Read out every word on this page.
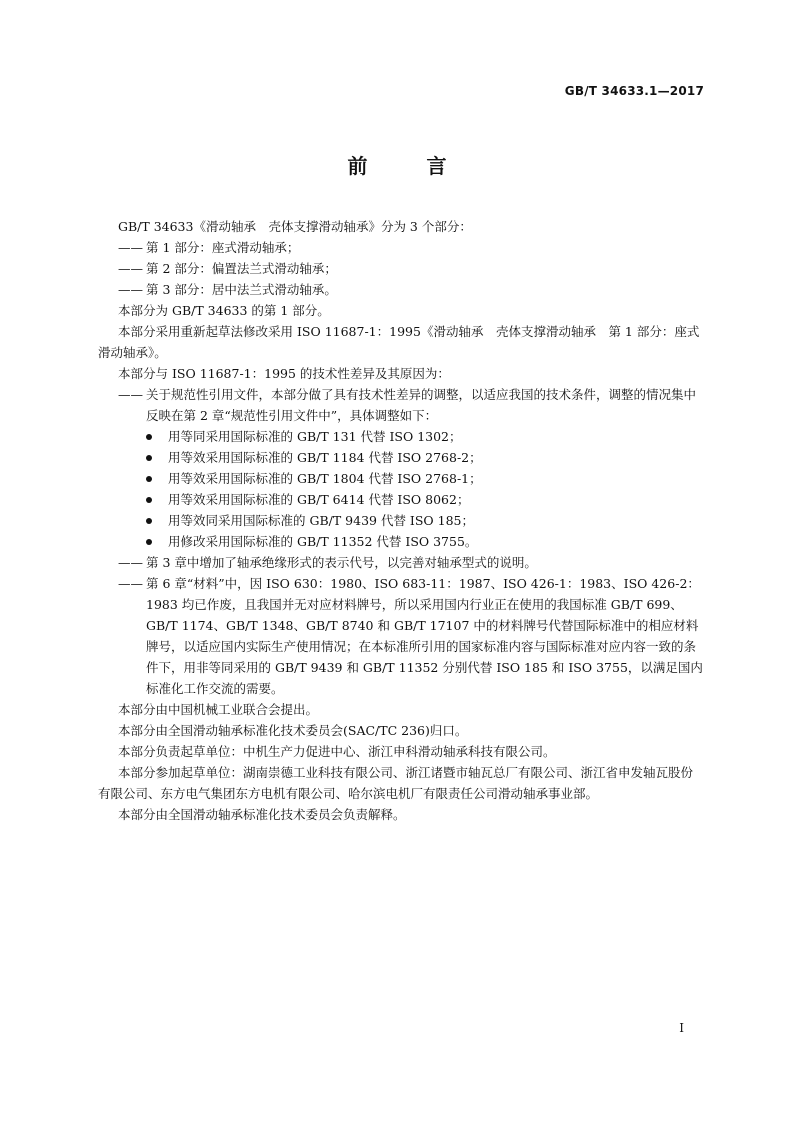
GB/T 34633.1—2017
前 言

GB/T 34633《滑动轴承　壳体支撑滑动轴承》分为 3 个部分：

—— 第 1 部分：座式滑动轴承；

—— 第 2 部分：偏置法兰式滑动轴承；

—— 第 3 部分：居中法兰式滑动轴承。

本部分为 GB/T 34633 的第 1 部分。

本部分采用重新起草法修改采用 ISO 11687-1：1995《滑动轴承　壳体支撑滑动轴承　第 1 部分：座式滑动轴承》。

本部分与 ISO 11687-1：1995 的技术性差异及其原因为：

—— 关于规范性引用文件，本部分做了具有技术性差异的调整，以适应我国的技术条件，调整的情况集中反映在第 2 章“规范性引用文件中”，具体调整如下：

用等同采用国际标准的 GB/T 131 代替 ISO 1302；

用等效采用国际标准的 GB/T 1184 代替 ISO 2768-2；

用等效采用国际标准的 GB/T 1804 代替 ISO 2768-1；

用等效采用国际标准的 GB/T 6414 代替 ISO 8062；

用等效同采用国际标准的 GB/T 9439 代替 ISO 185；

用修改采用国际标准的 GB/T 11352 代替 ISO 3755。

—— 第 3 章中增加了轴承绝缘形式的表示代号，以完善对轴承型式的说明。

—— 第 6 章“材料”中，因 ISO 630：1980、ISO 683-11：1987、ISO 426-1：1983、ISO 426-2：1983 均已作废，且我国并无对应材料牌号，所以采用国内行业正在使用的我国标准 GB/T 699、GB/T 1174、GB/T 1348、GB/T 8740 和 GB/T 17107 中的材料牌号代替国际标准中的相应材料牌号，以适应国内实际生产使用情况；在本标准所引用的国家标准内容与国际标准对应内容一致的条件下，用非等同采用的 GB/T 9439 和 GB/T 11352 分别代替 ISO 185 和 ISO 3755，以满足国内标准化工作交流的需要。

本部分由中国机械工业联合会提出。

本部分由全国滑动轴承标准化技术委员会(SAC/TC 236)归口。

本部分负责起草单位：中机生产力促进中心、浙江申科滑动轴承科技有限公司。

本部分参加起草单位：湖南崇德工业科技有限公司、浙江诸暨市轴瓦总厂有限公司、浙江省申发轴瓦股份有限公司、东方电气集团东方电机有限公司、哈尔滨电机厂有限责任公司滑动轴承事业部。

本部分由全国滑动轴承标准化技术委员会负责解释。

I
